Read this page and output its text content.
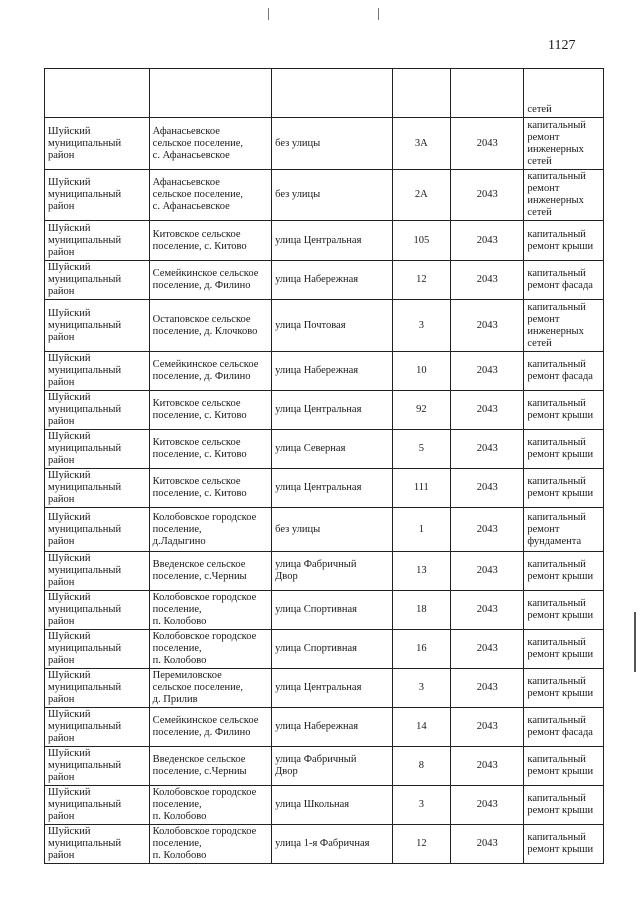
1127

					сетей

Шуйский
муниципальный
район	Афанасьевское
сельское поселение,
с. Афанасьевское	без улицы	3А	2043	капитальный
ремонт
инженерных
сетей

Шуйский
муниципальный
район	Афанасьевское
сельское поселение,
с. Афанасьевское	без улицы	2А	2043	капитальный
ремонт
инженерных
сетей

Шуйский
муниципальный
район	Китовское сельское
поселение, с. Китово	улица Центральная	105	2043	капитальный
ремонт крыши

Шуйский
муниципальный
район	Семейкинское сельское
поселение, д. Филино	улица Набережная	12	2043	капитальный
ремонт фасада

Шуйский
муниципальный
район	Остаповское сельское
поселение, д. Клочково	улица Почтовая	3	2043	капитальный
ремонт
инженерных
сетей

Шуйский
муниципальный
район	Семейкинское сельское
поселение, д. Филино	улица Набережная	10	2043	капитальный
ремонт фасада

Шуйский
муниципальный
район	Китовское сельское
поселение, с. Китово	улица Центральная	92	2043	капитальный
ремонт крыши

Шуйский
муниципальный
район	Китовское сельское
поселение, с. Китово	улица Северная	5	2043	капитальный
ремонт крыши

Шуйский
муниципальный
район	Китовское сельское
поселение, с. Китово	улица Центральная	111	2043	капитальный
ремонт крыши

Шуйский
муниципальный
район	Колобовское городское
поселение,
д.Ладыгино	без улицы	1	2043	капитальный
ремонт
фундамента

Шуйский
муниципальный
район	Введенское сельское
поселение, с.Черниы	улица Фабричный
Двор	13	2043	капитальный
ремонт крыши

Шуйский
муниципальный
район	Колобовское городское
поселение,
п. Колобово	улица Спортивная	18	2043	капитальный
ремонт крыши

Шуйский
муниципальный
район	Колобовское городское
поселение,
п. Колобово	улица Спортивная	16	2043	капитальный
ремонт крыши

Шуйский
муниципальный
район	Перемиловское
сельское поселение,
д. Прилив	улица Центральная	3	2043	капитальный
ремонт крыши

Шуйский
муниципальный
район	Семейкинское сельское
поселение, д. Филино	улица Набережная	14	2043	капитальный
ремонт фасада

Шуйский
муниципальный
район	Введенское сельское
поселение, с.Черниы	улица Фабричный
Двор	8	2043	капитальный
ремонт крыши

Шуйский
муниципальный
район	Колобовское городское
поселение,
п. Колобово	улица Школьная	3	2043	капитальный
ремонт крыши

Шуйский
муниципальный
район	Колобовское городское
поселение,
п. Колобово	улица 1-я Фабричная	12	2043	капитальный
ремонт крыши
